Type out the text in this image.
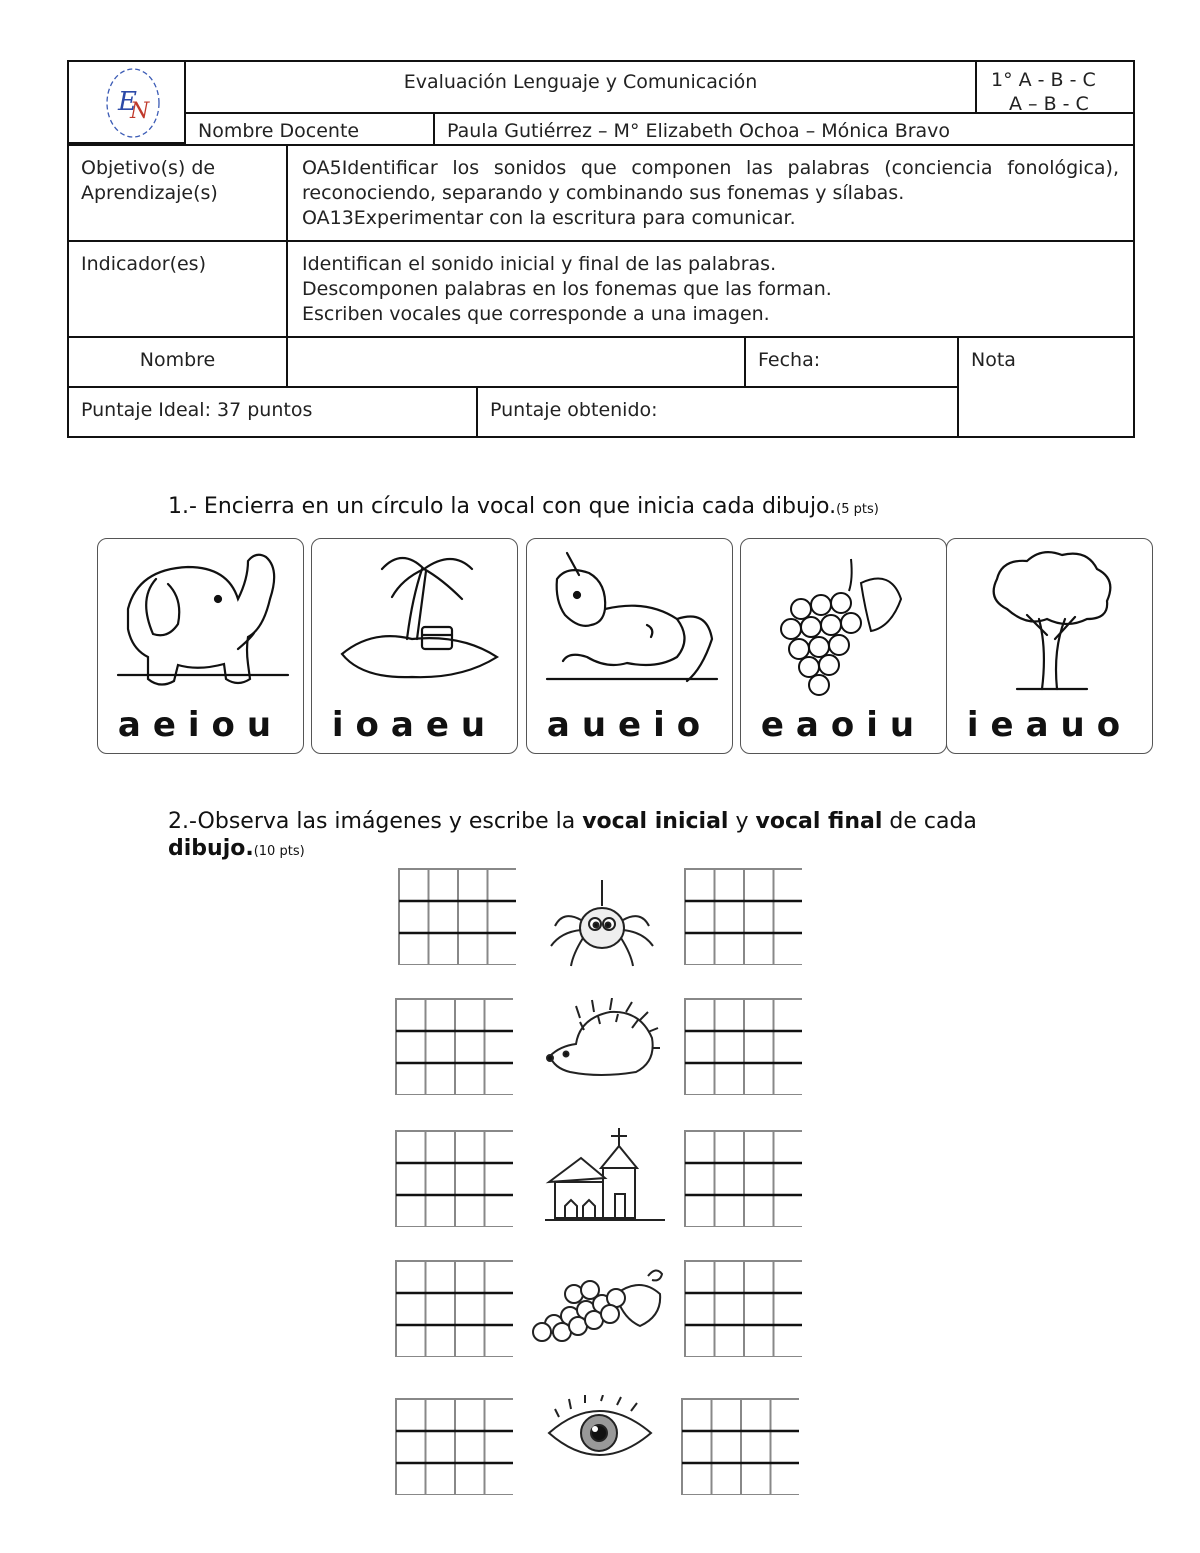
E
N
Evaluación Lenguaje y Comunicación	1° A - B - C
A – B - C
Nombre Docente	Paula Gutiérrez – M° Elizabeth Ochoa – Mónica Bravo
Objetivo(s) de Aprendizaje(s)
OA5Identificar los sonidos que componen las palabras (conciencia fonológica), reconociendo, separando y combinando sus fonemas y sílabas.
OA13Experimentar con la escritura para comunicar.
Indicador(es)	Identifican el sonido inicial y final de las palabras.
Descomponen palabras en los fonemas que las forman.
Escriben vocales que corresponde a una imagen.
Nombre	Fecha:	Nota
Puntaje Ideal: 37 puntos	Puntaje obtenido:
1.- Encierra en un círculo la vocal con que inicia cada dibujo.(5 pts)
aeiou	ioaeu	aueio	eaoiu	ieauo
2.-Observa las imágenes y escribe la vocal inicial y vocal final de cada
dibujo.(10 pts)
